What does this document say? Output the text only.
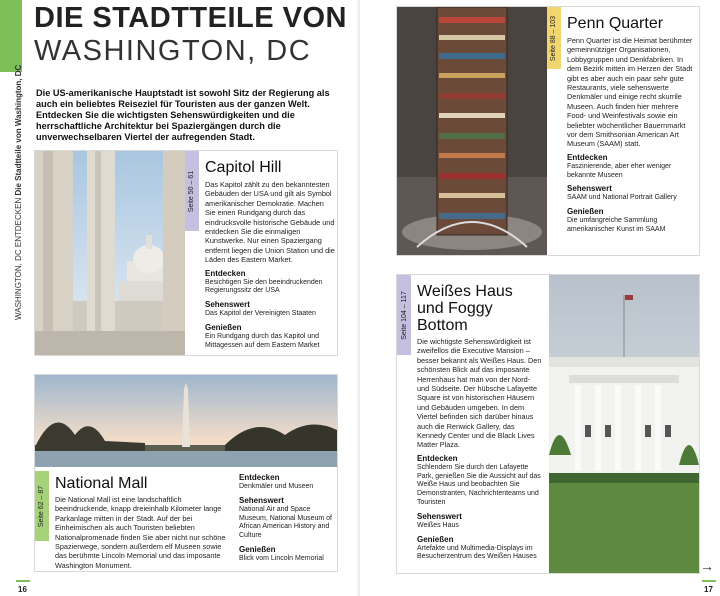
WASHINGTON, DC ENTDECKEN Die Stadtteile von Washington, DC
DIE STADTTEILE VON
WASHINGTON, DC
Die US-amerikanische Hauptstadt ist sowohl Sitz der Regierung als auch ein beliebtes Reiseziel für Touristen aus der ganzen Welt. Entdecken Sie die wichtigsten Sehenswürdigkeiten und die herrschaftliche Architektur bei Spaziergängen durch die unverwechselbaren Viertel der aufregenden Stadt.
Seite 50 – 61
Capitol Hill
Das Kapitol zählt zu den bekanntesten Gebäuden der USA und gilt als Symbol amerikanischer Demokratie. Machen Sie einen Rundgang durch das eindrucksvolle historische Gebäude und entdecken Sie die einmaligen Kunstwerke. Nur einen Spaziergang entfernt liegen die Union Station und die Läden des Eastern Market.
Entdecken
Besichtigen Sie den beeindruckenden Regierungssitz der USA
Sehenswert
Das Kapitol der Vereinigten Staaten
Genießen
Ein Rundgang durch das Kapitol und Mittagessen auf dem Eastern Market
Seite 62 – 87
National Mall
Die National Mall ist eine landschaftlich beeindruckende, knapp dreieinhalb Kilometer lange Parkanlage mitten in der Stadt. Auf der bei Einheimischen als auch Touristen beliebten Nationalpromenade finden Sie aber nicht nur schöne Spazierwege, sondern außerdem elf Museen sowie das berühmte Lincoln Memorial und das imposante Washington Monument.
Entdecken
Denkmäler und Museen
Sehenswert
National Air and Space Museum, National Museum of African American History and Culture
Genießen
Blick vom Lincoln Memorial
16
Seite 88 – 103 Penn Quarter
Penn Quarter ist die Heimat berühmter gemeinnütziger Organisationen, Lobbygruppen und Denkfabriken. In dem Bezirk mitten im Herzen der Stadt gibt es aber auch ein paar sehr gute Restaurants, viele sehenswerte Denkmäler und einige recht skurrile Museen. Auch finden hier mehrere Food- und Weinfestivals sowie ein beliebter wöchentlicher Bauernmarkt vor dem Smithsonian American Art Museum (SAAM) statt.
Entdecken
Faszinierende, aber eher weniger bekannte Museen
Sehenswert
SAAM und National Portrait Gallery
Genießen
Die umfangreiche Sammlung amerikanischer Kunst im SAAM
Seite 104 – 117 Weißes Haus und Foggy Bottom
Die wichtigste Sehenswürdigkeit ist zweifellos die Executive Mansion – besser bekannt als Weißes Haus. Den schönsten Blick auf das imposante Herrenhaus hat man von der Nord- und Südseite. Der hübsche Lafayette Square ist von historischen Häusern und Gebäuden umgeben. In dem Viertel befinden sich darüber hinaus auch die Renwick Gallery, das Kennedy Center und die Black Lives Matter Plaza.
Entdecken
Schlendern Sie durch den Lafayette Park, genießen Sie die Aussicht auf das Weiße Haus und beobachten Sie Demonstranten, Nachrichtenteams und Touristen
Sehenswert
Weißes Haus
Genießen
Artefakte und Multimedia-Displays im Besucherzentrum des Weißen Hauses
→
17
